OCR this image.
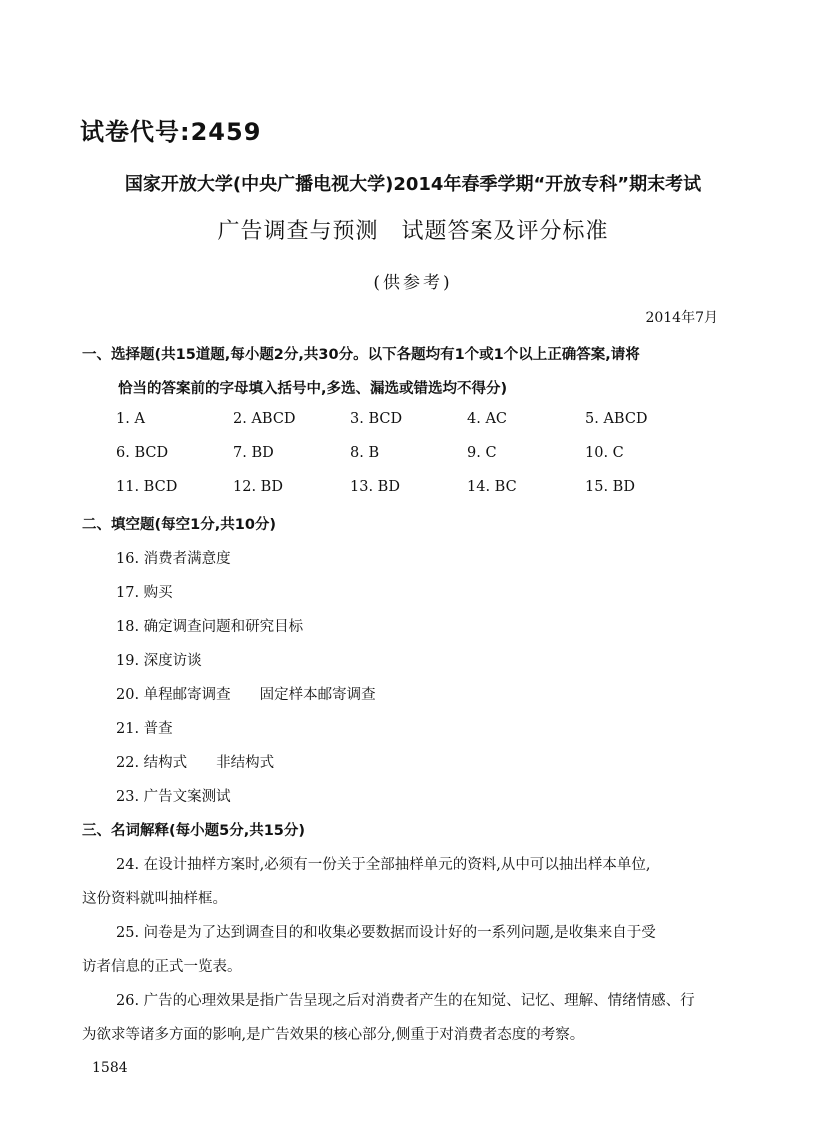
试卷代号:2459
国家开放大学(中央广播电视大学)2014年春季学期“开放专科”期末考试
广告调查与预测　试题答案及评分标准
(供参考)
2014年7月
一、选择题(共15道题,每小题2分,共30分。以下各题均有1个或1个以上正确答案,请将
恰当的答案前的字母填入括号中,多选、漏选或错选均不得分)
1. A	2. ABCD	3. BCD	4. AC	5. ABCD
6. BCD	7. BD	8. B	9. C	10. C
11. BCD	12. BD	13. BD	14. BC	15. BD
二、填空题(每空1分,共10分)
16. 消费者满意度
17. 购买
18. 确定调查问题和研究目标
19. 深度访谈
20. 单程邮寄调查　　固定样本邮寄调查
21. 普查
22. 结构式　　非结构式
23. 广告文案测试
三、名词解释(每小题5分,共15分)
24. 在设计抽样方案时,必须有一份关于全部抽样单元的资料,从中可以抽出样本单位,
这份资料就叫抽样框。
25. 问卷是为了达到调查目的和收集必要数据而设计好的一系列问题,是收集来自于受
访者信息的正式一览表。
26. 广告的心理效果是指广告呈现之后对消费者产生的在知觉、记忆、理解、情绪情感、行
为欲求等诸多方面的影响,是广告效果的核心部分,侧重于对消费者态度的考察。
1584
